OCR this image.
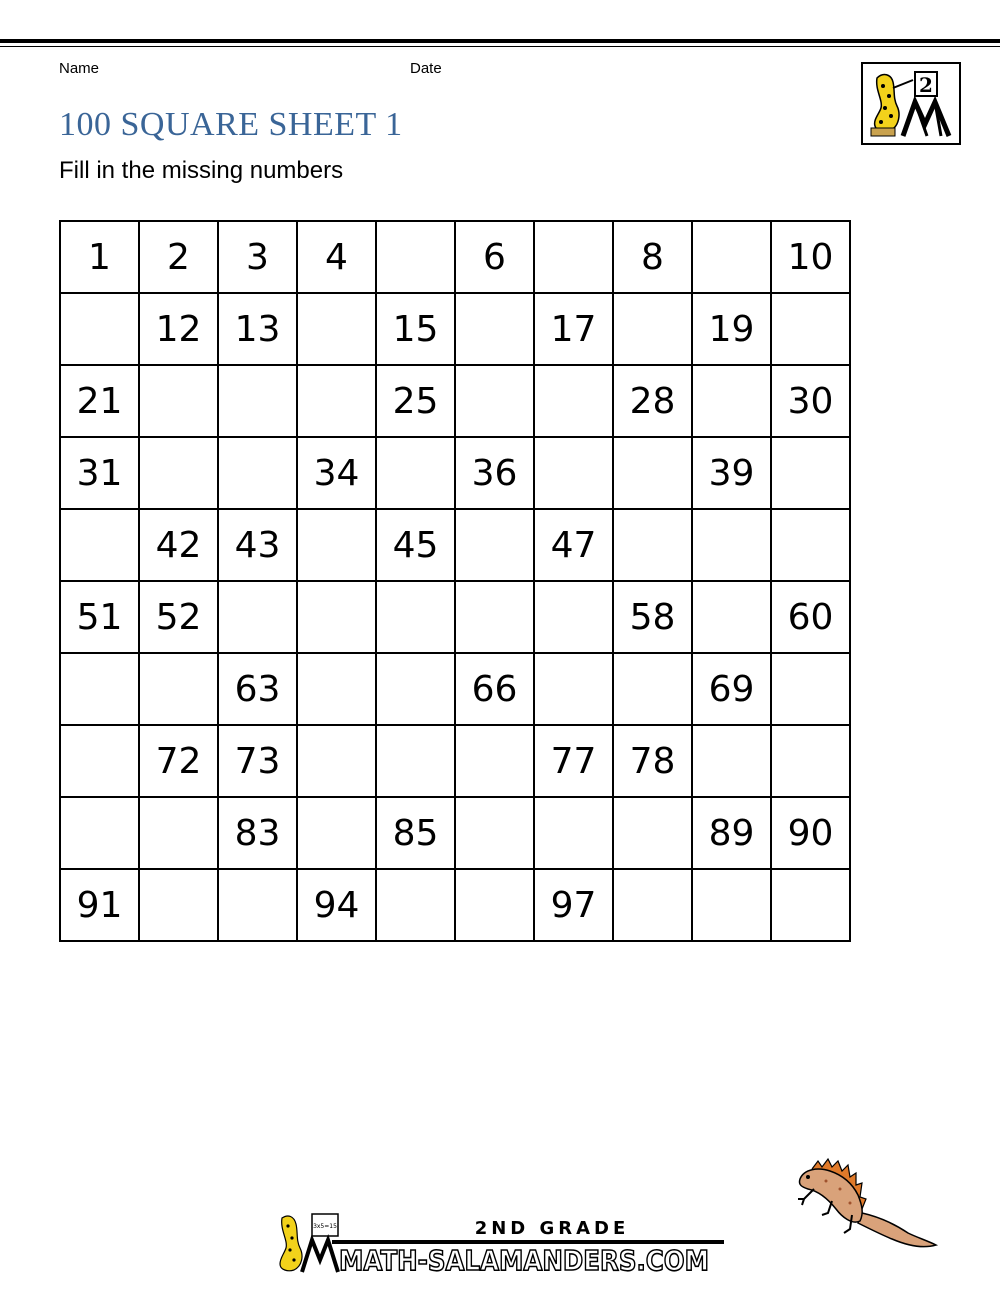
Name	Date
100 SQUARE SHEET 1

Fill in the missing numbers

2
1	2	3	4		6		8		10
	12	13		15		17		19	
21				25			28		30
31			34		36			39	
	42	43		45		47			
51	52						58		60
		63			66			69	
	72	73				77	78		
		83		85				89	90
91			94			97			
3x5=15	2ND GRADE
MATH-SALAMANDERS.COM
